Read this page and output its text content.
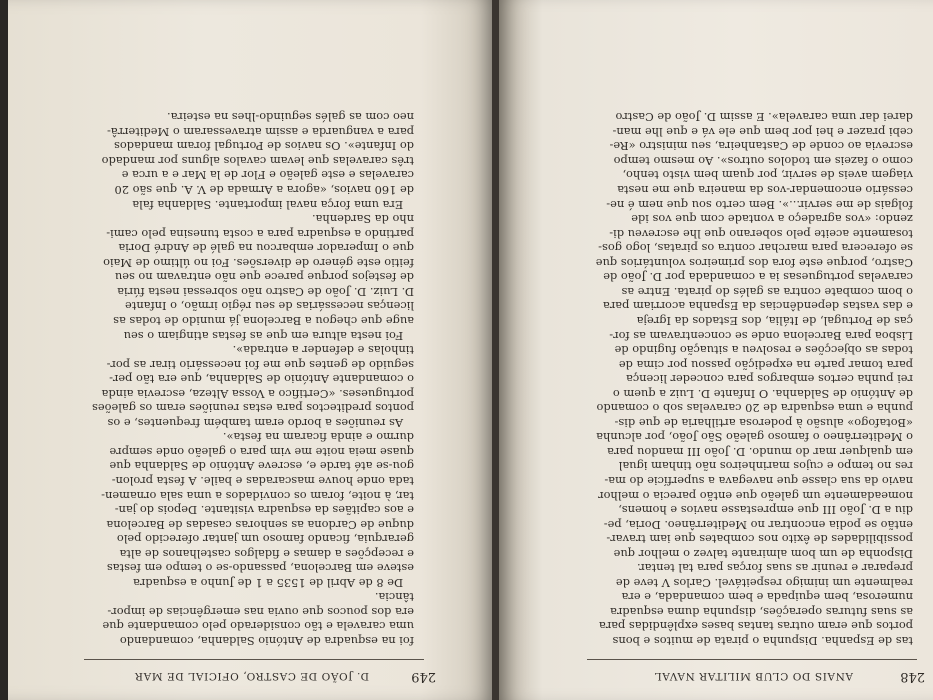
249
D. JOÃO DE CASTRO, OFICIAL DE MAR
foi na esquadra de António Saldanha, comandando
uma caravela e tão considerado pelo comandante que
era dos poucos que ouvia nas emergências de impor-
tância.
De 8 de Abril de 1535 a 1 de Junho a esquadra
esteve em Barcelona, passando-se o tempo em festas
e recepções a damas e fidalgos castelhanos de alta
gerarquia, ficando famoso um jantar oferecido pelo
duque de Cardona as senhoras casadas de Barcelona
e aos capitães da esquadra visitante. Depois do jan-
tar, à noite, foram os convidados a uma sala ornamen-
tada onde houve mascaradas e baile. A festa prolon-
gou-se até tarde e, escreve António de Saldanha que
quase meia noite me vim para o galeão onde sempre
durmo e ainda ficaram na festa».
As reuniões a bordo eram também frequentes, e os
pontos preditectos para estas reuniões eram os galeões
portugueses. «Certifico a Vossa Alteza, escrevia ainda
o comandante António de Saldanha, que era tão per-
seguido de gentes que me foi necessário tirar as por-
tinholas e defender a entrada».
Foi nesta altura em que as festas atingiam o seu
auge que chegou a Barcelona já munido de todas as
licenças necessárias de seu régio irmão, o Infante
D. Luiz. D. João de Castro não sobressai nesta fúria
de festejos porque parece que não entravam no seu
feitio este género de diversões. Foi no último de Maio
que o Imperador embarcou na galé de André Doria
partindo a esquadra para a costa tunesina pelo cami-
nho da Sardenha.
Era uma força naval importante. Saldanha fala
de 160 navios, «agora a Armada de V. A. que são 20
caravelas e este galeão e Flor de la Mar e a urca e
três caravelas que levam cavalos alguns por mandado
do Infante». Os navios de Portugal foram mandados
para a vanguarda e assim atravessaram o Mediterrâ-
neo com as galés seguindo-lhes na esteira.
248
ANAIS DO CLUB MILITAR NAVAL
tas de Espanha. Dispunha o pirata de muitos e bons
portos que eram outras tantas bases explêndidas para
as suas futuras operações, dispunha duma esquadra
numerosa, bem equipada e bem comandada, e era
realmente um inimigo respeitável. Carlos V teve de
preparar e reunir as suas forças para tal tentar.
Disponha de um bom almirante talvez o melhor que
possibilidades de êxito nos combates que iam travar-
então se podia encontrar no Mediterrâneo. Doria, pe-
diu a D. João III que emprestasse navios e homens,
nomeadamente um galeão que então parecia o melhor
navio da sua classe que navegava a superfície do ma-
res no tempo e cujos marinheiros não tinham igual
em qualquer mar do mundo. D. João III mandou para
o Mediterrâneo o famoso galeão São João, por alcunha
«Botafogo» alusão à poderosa artilharia de que dis-
punha e uma esquadra de 20 caravelas sob o comando
de António de Saldanha. O Infante D. Luiz a quem o
rei punha certos embargos para conceder licença
para tomar parte na expedição passou por cima de
todas as objecções e resolveu a situação fugindo de
Lisboa para Barcelona onde se concentravam as for-
ças de Portugal, de Itália, dos Estados da Igreja
e das vastas dependências da Espanha acorriam para
o bom combate contra as galés do pirata. Entre as
caravelas portuguesas ia a comandada por D. João de
Castro, porque este fora dos primeiros voluntários que
se oferecera para marchar contra os piratas, logo gos-
tosamente aceite pelo soberano que lhe escreveu di-
zendo: «vos agradeço a vontade com que vos ide
folgais de me servir...». Bem certo sou que nem é ne-
cessário encomendar-vos da maneira que me nesta
viagem aveis de servir, por quam bem visto tenho,
como o fazeis em todolos outros». Ao mesmo tempo
escrevia ao conde de Castanheira, seu ministro «Re-
cebi prazer e hei por bem que ele vá e que lhe man-
darei dar uma caravela». E assim D. João de Castro
